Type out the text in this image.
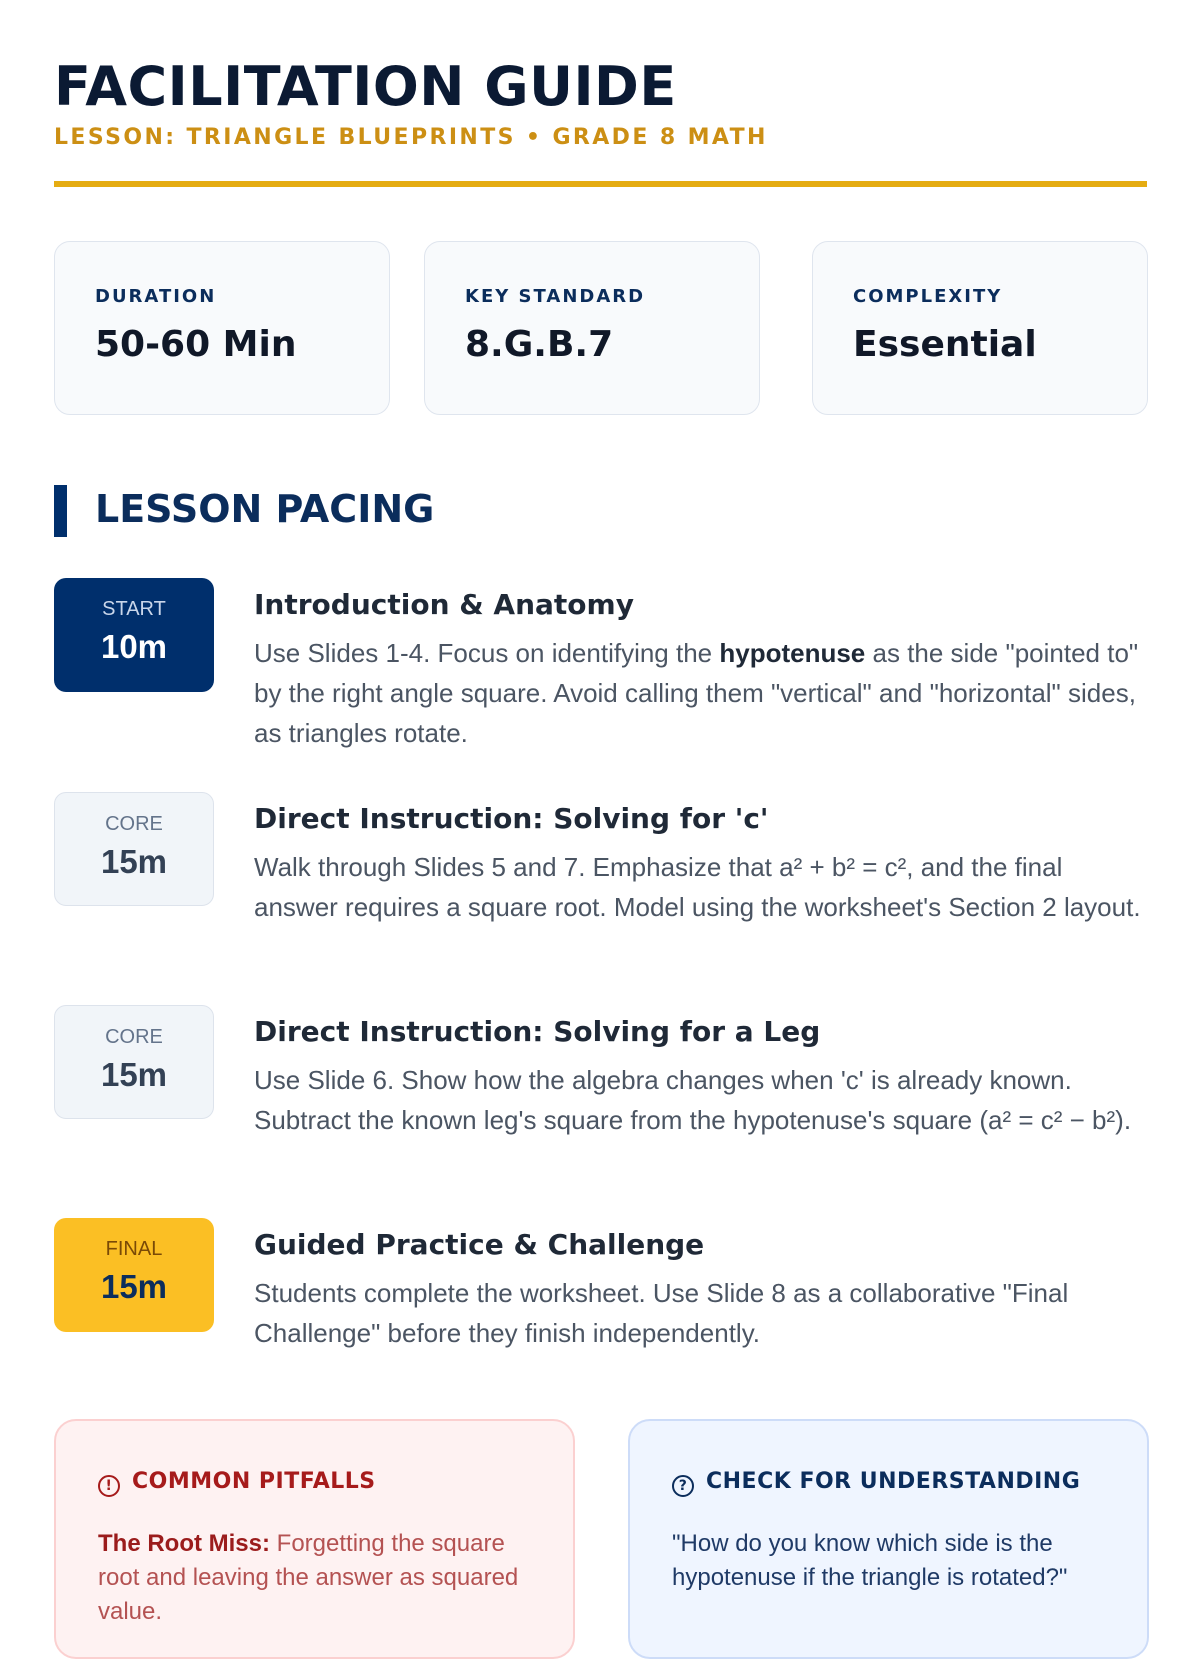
FACILITATION GUIDE
LESSON: TRIANGLE BLUEPRINTS • GRADE 8 MATH
DURATION
50-60 Min
KEY STANDARD
8.G.B.7
COMPLEXITY
Essential
LESSON PACING
START
10m
Introduction & Anatomy
Use Slides 1-4. Focus on identifying the hypotenuse as the side "pointed to" by the right angle square. Avoid calling them "vertical" and "horizontal" sides, as triangles rotate.
CORE
15m
Direct Instruction: Solving for 'c'
Walk through Slides 5 and 7. Emphasize that a² + b² = c², and the final answer requires a square root. Model using the worksheet's Section 2 layout.
CORE
15m
Direct Instruction: Solving for a Leg
Use Slide 6. Show how the algebra changes when 'c' is already known. Subtract the known leg's square from the hypotenuse's square (a² = c² − b²).
FINAL
15m
Guided Practice & Challenge
Students complete the worksheet. Use Slide 8 as a collaborative "Final Challenge" before they finish independently.
! COMMON PITFALLS
The Root Miss: Forgetting the square root and leaving the answer as squared value.
? CHECK FOR UNDERSTANDING
"How do you know which side is the hypotenuse if the triangle is rotated?"
